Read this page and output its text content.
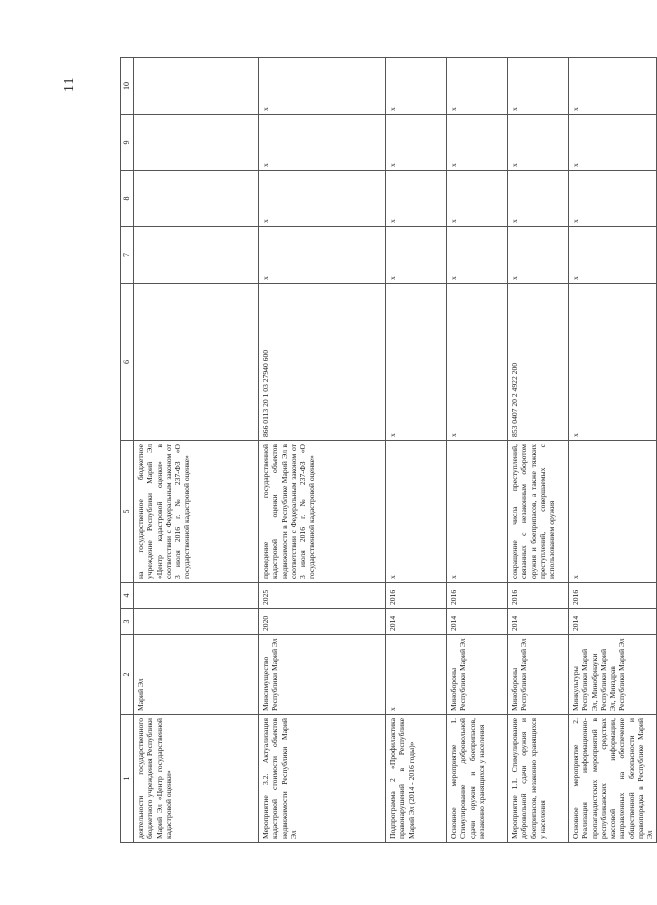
11
1	2	3	4	5	6	7	8	9	10
деятельности государственного бюджетного учреждения Республики Марий Эл «Центр государственной кадастровой оценки»	Марий Эл			на государственное бюджетное учреждение Республики Марий Эл «Центр кадастровой оценки» в соответствии с Федеральным законом от 3 июля 2016 г. № 237-ФЗ «О государственной кадастровой оценке»					
Мероприятие 3.2. Актуализация кадастровой стоимости объектов недвижимости Республики Марий Эл	Минсимущество Республики Марий Эл	2020	2025	проведение государственной кадастровой оценки объектов недвижимости в Республике Марий Эл в соответствии с Федеральным законом от 3 июля 2016 г. № 237-ФЗ «О государственной кадастровой оценке»	866 0113 20 1 03 27940 600	х	х	х	х
Подпрограмма 2 «Профилактика правонарушений в Республике Марий Эл (2014 - 2016 годы)»	х	2014	2016	х	х	х	х	х	х
Основное мероприятие 1. Стимулирование добровольной сдачи оружия и боеприпасов, незаконно хранящихся у населения	Минобороны Республики Марий Эл	2014	2016	х	х	х	х	х	х
Мероприятие 1.1. Стимулирование добровольной сдачи оружия и боеприпасов, незаконно хранящихся у населения	Минобороны Республики Марий Эл	2014	2016	сокращение числа преступлений, связанных с незаконным оборотом оружия и боеприпасов, а также тяжких преступлений, совершаемых с использованием оружия	853 0407 20 2 4922 200	х	х	х	х
Основное мероприятие 2. Реализация информационно-пропагандистских мероприятий в республиканских средствах массовой информации, направленных на обеспечение общественной безопасности и правопорядка в Республике Марий Эл	Минкультуры Республики Марий Эл, Минобрнауки Республики Марий Эл, Минздрав Республики Марий Эл	2014	2016	х	х	х	х	х	х
